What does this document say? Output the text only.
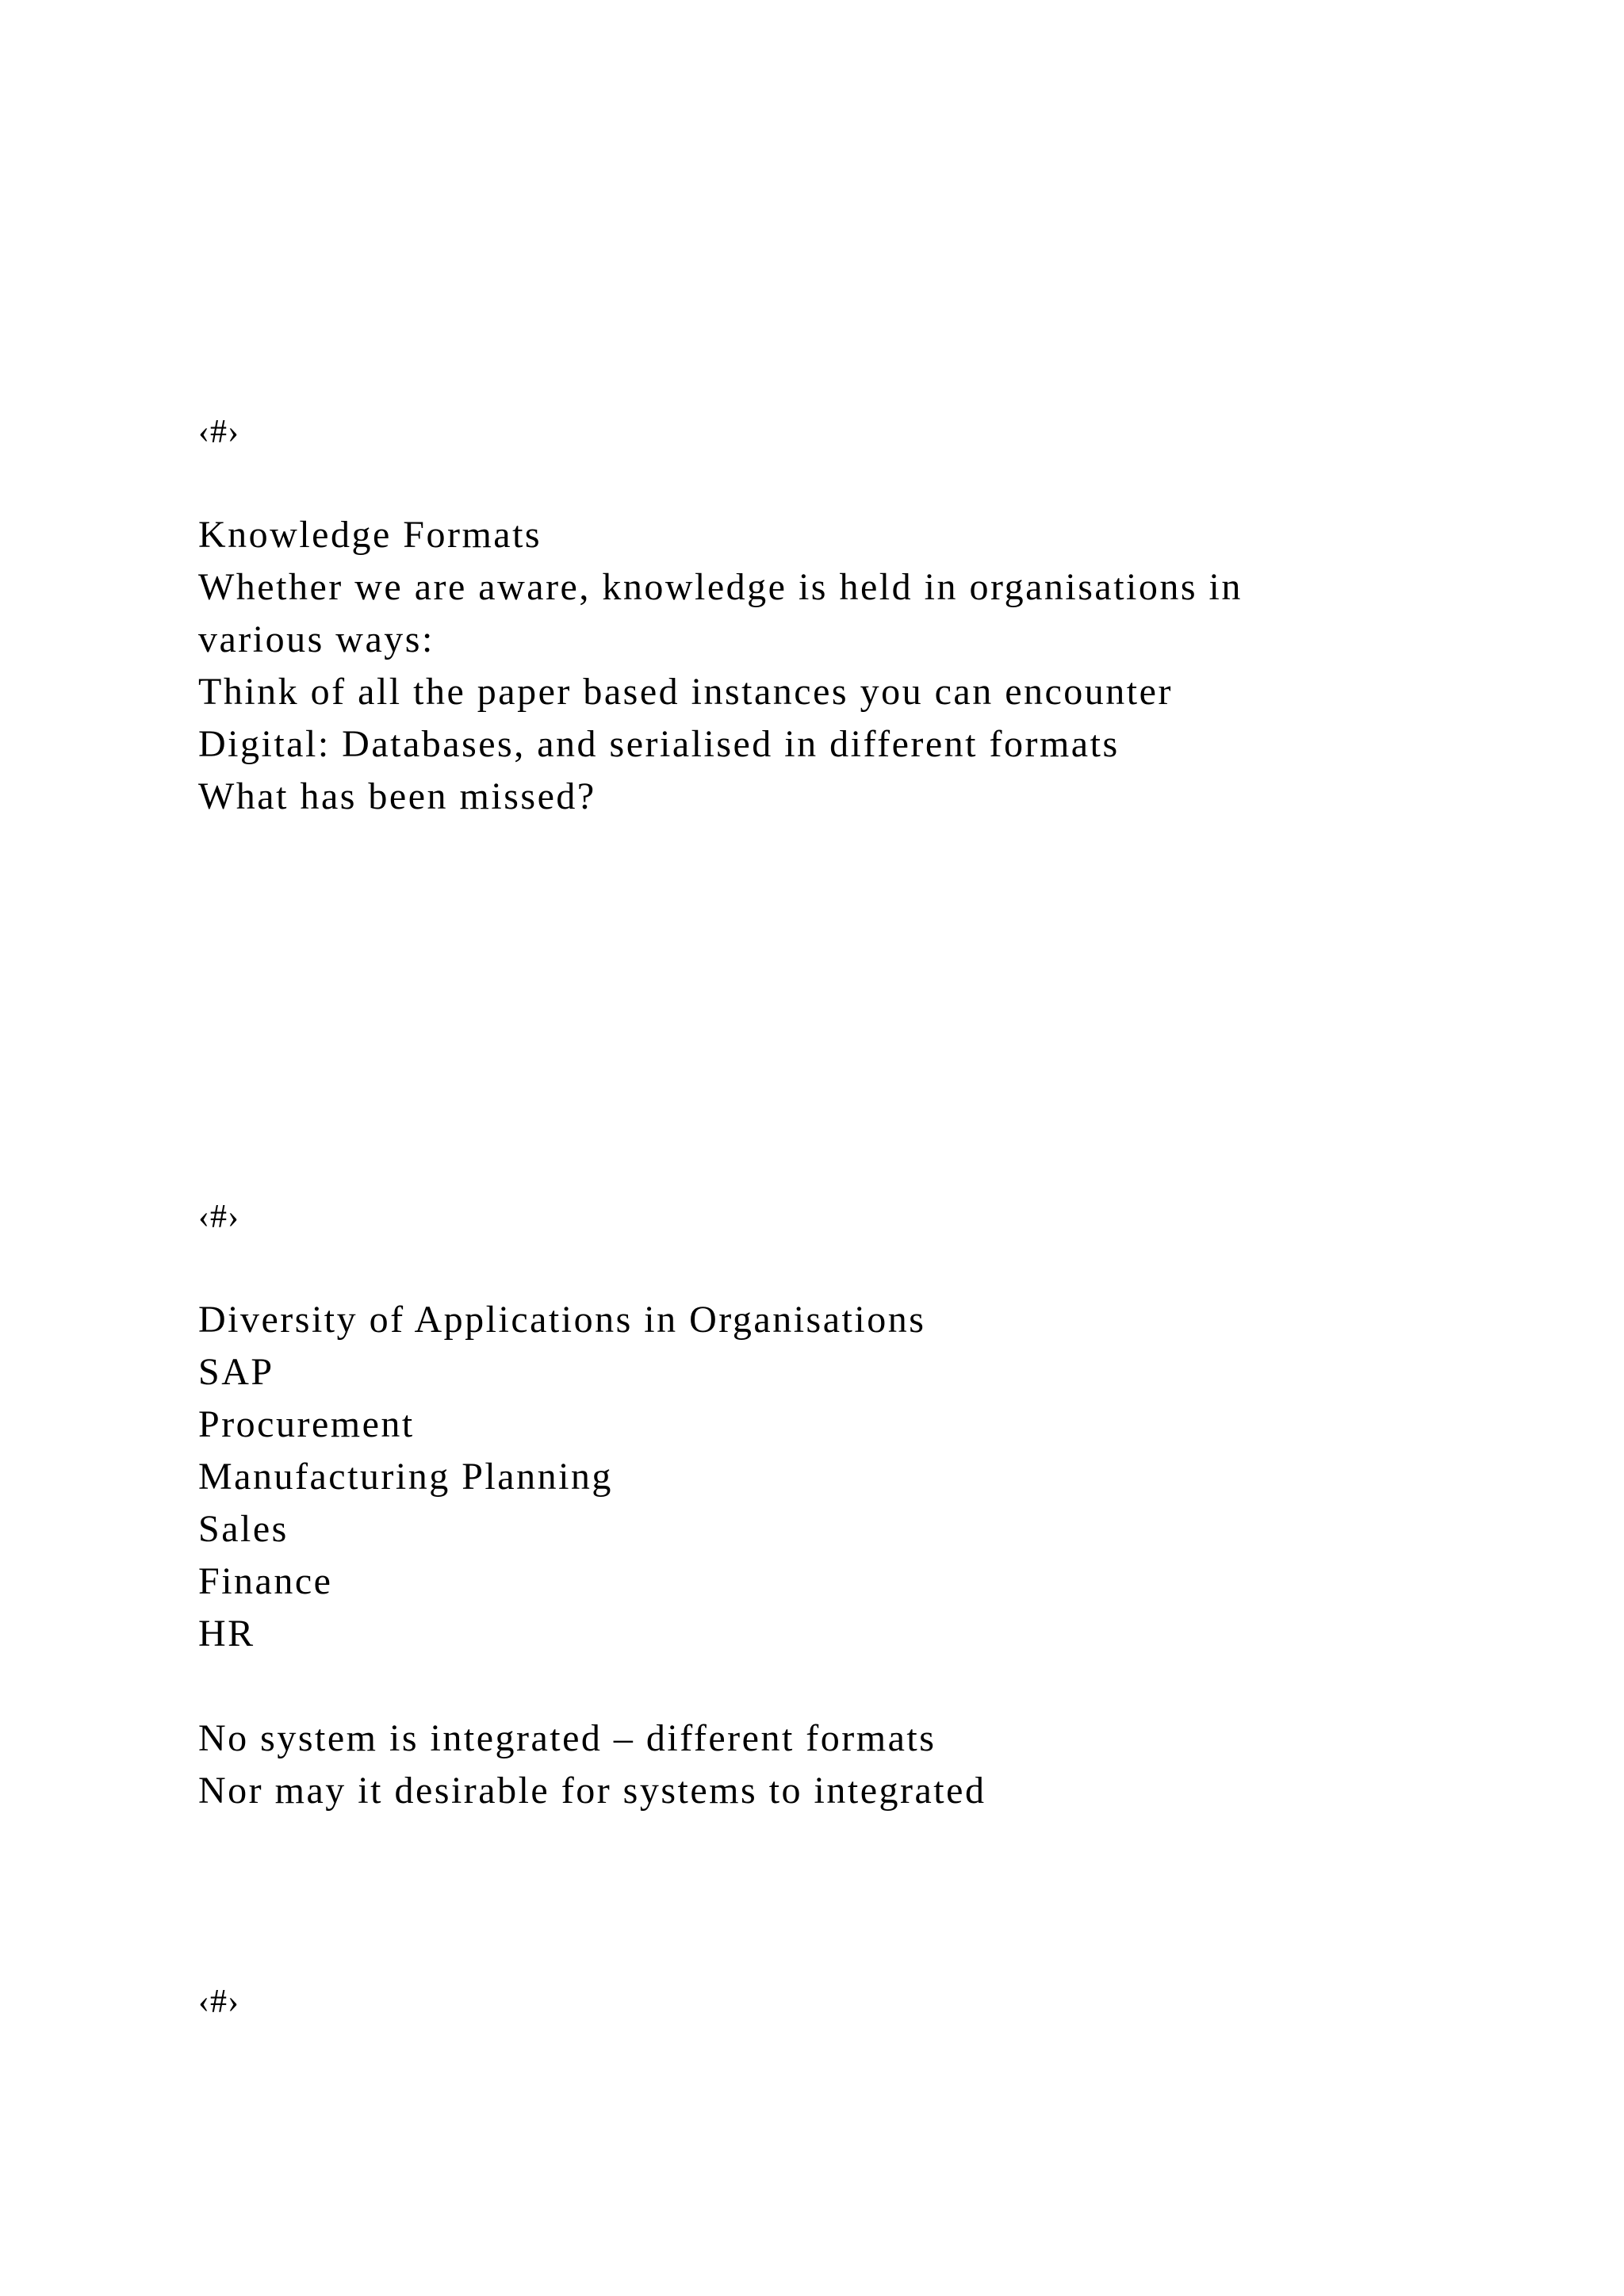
‹#›
Knowledge Formats
Whether we are aware, knowledge is held in organisations in
various ways:
Think of all the paper based instances you can encounter
Digital: Databases, and serialised in different formats
What has been missed?
‹#›
Diversity of Applications in Organisations
SAP
Procurement
Manufacturing Planning
Sales
Finance
HR
No system is integrated – different formats
Nor may it desirable for systems to integrated
‹#›
